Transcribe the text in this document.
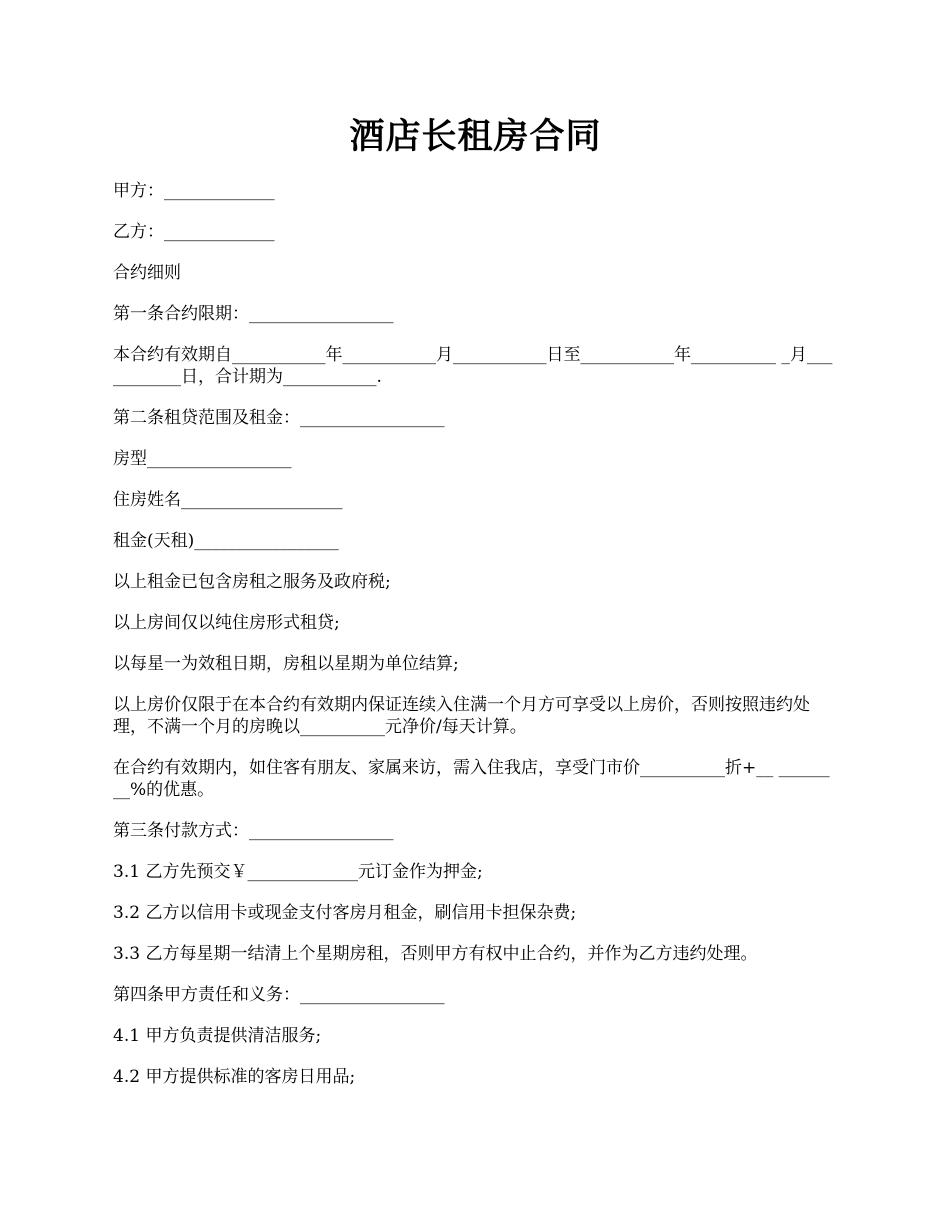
酒店长租房合同

甲方：_____________

乙方：_____________

合约细则

第一条合约限期：_________________

本合约有效期自___________年___________月___________日至___________年__________ _月___________日，合计期为___________.

第二条租贷范围及租金：_________________

房型_________________

住房姓名___________________

租金(天租)_________________

以上租金已包含房租之服务及政府税;

以上房间仅以纯住房形式租贷;

以每星一为效租日期，房租以星期为单位结算;

以上房价仅限于在本合约有效期内保证连续入住满一个月方可享受以上房价，否则按照违约处理，不满一个月的房晚以__________元净价/每天计算。

在合约有效期内，如住客有朋友、家属来访，需入住我店，享受门市价__________折+__ ________%的优惠。

第三条付款方式：_________________

3.1 乙方先预交￥_____________元订金作为押金;

3.2 乙方以信用卡或现金支付客房月租金，刷信用卡担保杂费;

3.3 乙方每星期一结清上个星期房租，否则甲方有权中止合约，并作为乙方违约处理。

第四条甲方责任和义务：_________________

4.1 甲方负责提供清洁服务;

4.2 甲方提供标准的客房日用品;
